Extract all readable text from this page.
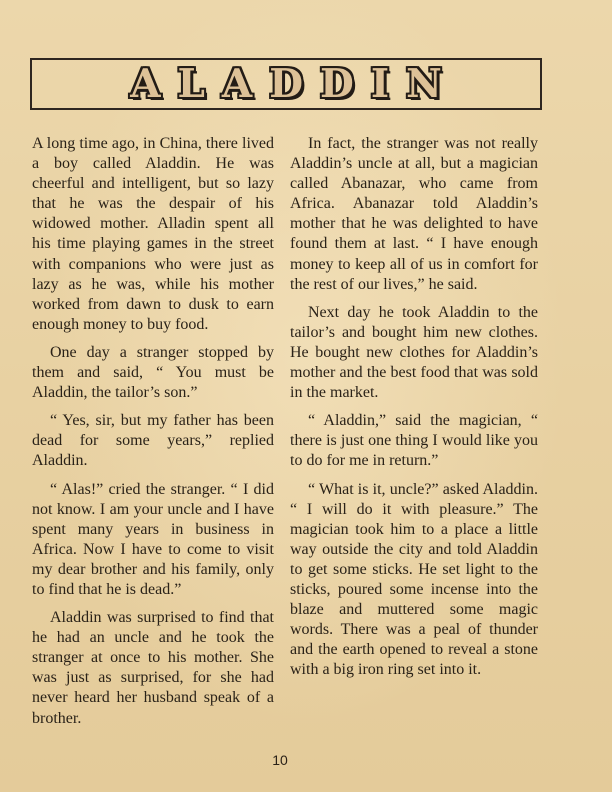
ALADDIN

A long time ago, in China, there lived a boy called Aladdin. He was cheerful and intelligent, but so lazy that he was the despair of his widowed mother. Alladin spent all his time playing games in the street with companions who were just as lazy as he was, while his mother worked from dawn to dusk to earn enough money to buy food.

One day a stranger stopped by them and said, “ You must be Aladdin, the tailor’s son.”

“ Yes, sir, but my father has been dead for some years,” replied Aladdin.

“ Alas!” cried the stranger. “ I did not know. I am your uncle and I have spent many years in business in Africa. Now I have to come to visit my dear brother and his family, only to find that he is dead.”

Aladdin was surprised to find that he had an uncle and he took the stranger at once to his mother. She was just as surprised, for she had never heard her husband speak of a brother.

In fact, the stranger was not really Aladdin’s uncle at all, but a magician called Abanazar, who came from Africa. Abanazar told Aladdin’s mother that he was delighted to have found them at last. “ I have enough money to keep all of us in comfort for the rest of our lives,” he said.

Next day he took Aladdin to the tailor’s and bought him new clothes. He bought new clothes for Aladdin’s mother and the best food that was sold in the market.

“ Aladdin,” said the magician, “ there is just one thing I would like you to do for me in return.”

“ What is it, uncle?” asked Aladdin. “ I will do it with pleasure.” The magician took him to a place a little way outside the city and told Aladdin to get some sticks. He set light to the sticks, poured some incense into the blaze and muttered some magic words. There was a peal of thunder and the earth opened to reveal a stone with a big iron ring set into it.

10
